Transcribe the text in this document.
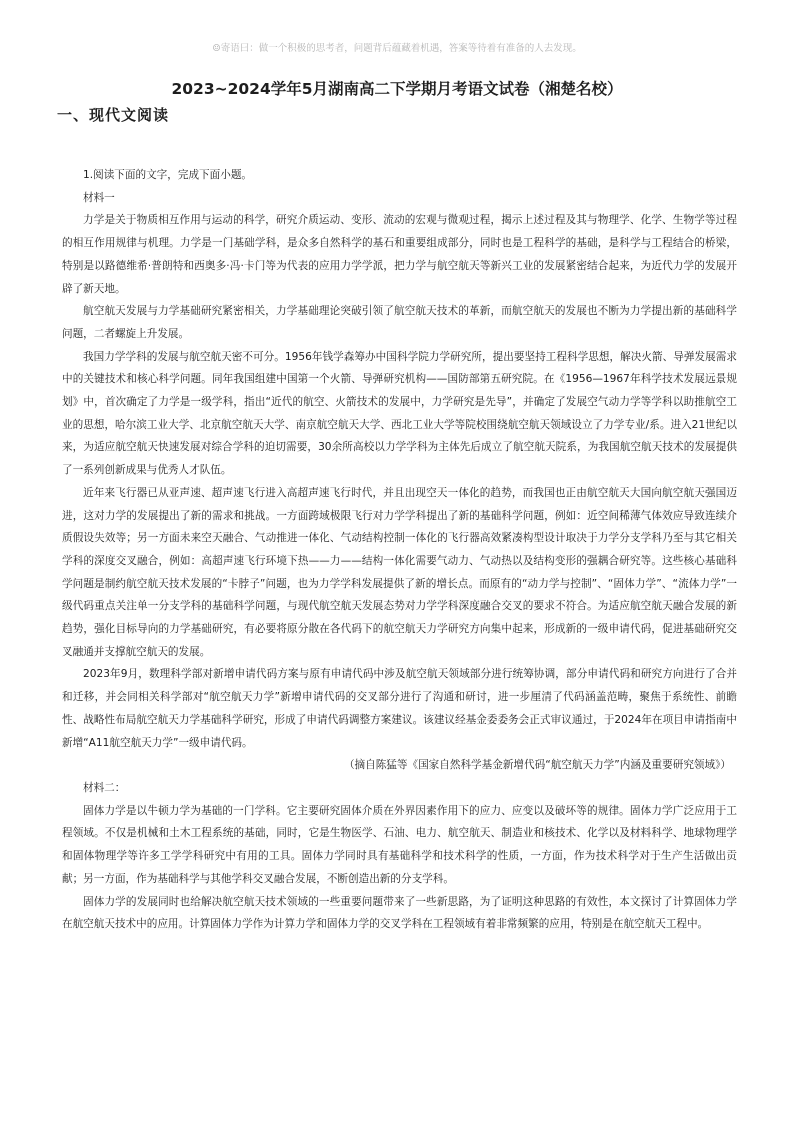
☺寄语曰：做一个积极的思考者，问题背后蕴藏着机遇，答案等待着有准备的人去发现。
2023~2024学年5月湖南高二下学期月考语文试卷（湘楚名校）
一、现代文阅读

1.阅读下面的文字，完成下面小题。

材料一

力学是关于物质相互作用与运动的科学，研究介质运动、变形、流动的宏观与微观过程，揭示上述过程及其与物理学、化学、生物学等过程的相互作用规律与机理。力学是一门基础学科，是众多自然科学的基石和重要组成部分，同时也是工程科学的基础，是科学与工程结合的桥梁，特别是以路德维希·普朗特和西奥多·冯·卡门等为代表的应用力学学派，把力学与航空航天等新兴工业的发展紧密结合起来，为近代力学的发展开辟了新天地。

航空航天发展与力学基础研究紧密相关，力学基础理论突破引领了航空航天技术的革新，而航空航天的发展也不断为力学提出新的基础科学问题，二者螺旋上升发展。

我国力学学科的发展与航空航天密不可分。1956年钱学森筹办中国科学院力学研究所，提出要坚持工程科学思想，解决火箭、导弹发展需求中的关键技术和核心科学问题。同年我国组建中国第一个火箭、导弹研究机构——国防部第五研究院。在《1956—1967年科学技术发展远景规划》中，首次确定了力学是一级学科，指出“近代的航空、火箭技术的发展中，力学研究是先导”，并确定了发展空气动力学等学科以助推航空工业的思想，哈尔滨工业大学、北京航空航天大学、南京航空航天大学、西北工业大学等院校围绕航空航天领域设立了力学专业/系。进入21世纪以来，为适应航空航天快速发展对综合学科的迫切需要，30余所高校以力学学科为主体先后成立了航空航天院系，为我国航空航天技术的发展提供了一系列创新成果与优秀人才队伍。

近年来飞行器已从亚声速、超声速飞行进入高超声速飞行时代，并且出现空天一体化的趋势，而我国也正由航空航天大国向航空航天强国迈进，这对力学的发展提出了新的需求和挑战。一方面跨域极限飞行对力学学科提出了新的基础科学问题，例如：近空间稀薄气体效应导致连续介质假设失效等；另一方面未来空天融合、气动推进一体化、气动结构控制一体化的飞行器高效紧凑构型设计取决于力学分支学科乃至与其它相关学科的深度交叉融合，例如：高超声速飞行环境下热——力——结构一体化需要气动力、气动热以及结构变形的强耦合研究等。这些核心基础科学问题是制约航空航天技术发展的“卡脖子”问题，也为力学学科发展提供了新的增长点。而原有的“动力学与控制”、“固体力学”、“流体力学”一级代码重点关注单一分支学科的基础科学问题，与现代航空航天发展态势对力学学科深度融合交叉的要求不符合。为适应航空航天融合发展的新趋势，强化目标导向的力学基础研究，有必要将原分散在各代码下的航空航天力学研究方向集中起来，形成新的一级申请代码，促进基础研究交叉融通并支撑航空航天的发展。

2023年9月，数理科学部对新增申请代码方案与原有申请代码中涉及航空航天领域部分进行统筹协调，部分申请代码和研究方向进行了合并和迁移，并会同相关科学部对“航空航天力学”新增申请代码的交叉部分进行了沟通和研讨，进一步厘清了代码涵盖范畴，聚焦于系统性、前瞻性、战略性布局航空航天力学基础科学研究，形成了申请代码调整方案建议。该建议经基金委委务会正式审议通过，于2024年在项目申请指南中新增“A11航空航天力学”一级申请代码。

（摘自陈猛等《国家自然科学基金新增代码“航空航天力学”内涵及重要研究领域》）

材料二：

固体力学是以牛顿力学为基础的一门学科。它主要研究固体介质在外界因素作用下的应力、应变以及破坏等的规律。固体力学广泛应用于工程领域。不仅是机械和土木工程系统的基础，同时，它是生物医学、石油、电力、航空航天、制造业和核技术、化学以及材料科学、地球物理学和固体物理学等许多工学学科研究中有用的工具。固体力学同时具有基础科学和技术科学的性质，一方面，作为技术科学对于生产生活做出贡献；另一方面，作为基础科学与其他学科交叉融合发展，不断创造出新的分支学科。

固体力学的发展同时也给解决航空航天技术领域的一些重要问题带来了一些新思路，为了证明这种思路的有效性，本文探讨了计算固体力学在航空航天技术中的应用。计算固体力学作为计算力学和固体力学的交叉学科在工程领域有着非常频繁的应用，特别是在航空航天工程中。
